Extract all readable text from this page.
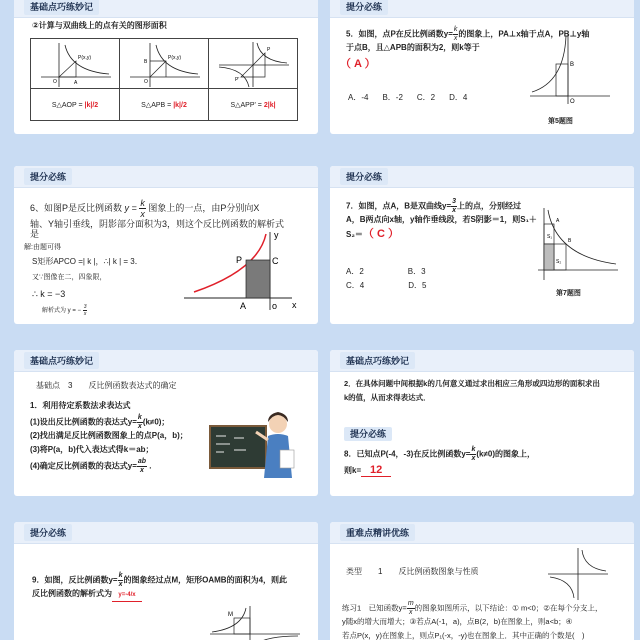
基础点巧练妙记
②计算与双曲线上的点有关的图形面积
P(x,y)
O A	P(x,y)
B
O	P
P'

S△AOP = |k|/2	S△APB = |k|/2	S△APP' = 2|k|
提分必练
5．如图，点P在反比例函数$y= \frac{k}{x}$ 的图象上，PA⊥x轴于点A，PB⊥y轴
于点B，且△APB的面积为2，则k等于
（ A ）
A．-4 B．-2 C．2 D．4
B
O
第5题图
提分必练
6、如图P是反比例函数 $y = \frac{k}{x}$ 图象上的一点，由P分别向X
轴、Y轴引垂线，阴影部分面积为3，则这个反比例函数的解析式
是
解:由题可得
S矩形APCO =| k |，∴| k | = 3．
又∵图像在二，四象限，
∴ k = −3
解析式为 y = − $\frac{3}{x}$
P	C
A	o x
y
提分必练
7．如图，点A，B是双曲线$y= \frac{3}{x}$ 上的点，分别经过
A，B两点向x轴，y轴作垂线段，若S阴影＝1，则S₁＋
S₂＝（ C ）
A．2	B．3
C．4	D．5
A
B
S₁
S₂
第7题图
基础点巧练妙记
基础点　3　　反比例函数表达式的确定
1．利用待定系数法求表达式
(1)设出反比例函数的表达式$y= \frac{k}{x} (k\ne 0)$；
(2)找出满足反比例函数图象上的点P(a，b)；
(3)将P(a，b)代入表达式得k＝ab；
(4)确定反比例函数的表达式$y= \frac{ab}{x}$ .
基础点巧练妙记
2．在具体问题中间根据k的几何意义通过求出相应三角形或四边形的面积求出
k的值，从而求得表达式．
提分必练
8．已知点P(-4，-3)在反比例函数$y= \frac{k}{x} (k\ne 0)$的图象上，
则k= 12
提分必练
9．如图，反比例函数$y= \frac{k}{x}$ 的图象经过点M，矩形OAMB的面积为4，则此
反比例函数的解析式为 y=-4/x
M
重难点精讲优练
类型　　1　　反比例函数图象与性质
练习1　已知函数$y= \frac{m}{x}$ 的图象如图所示，以下结论：① m<0；②在每个分支上，
y随x的增大而增大；③若点A(-1，a)，点B(2，b)在图象上，则a<b；④
若点P(x，y)在图象上，则点P₁(-x，-y)也在图象上．其中正确的个数是(　)
